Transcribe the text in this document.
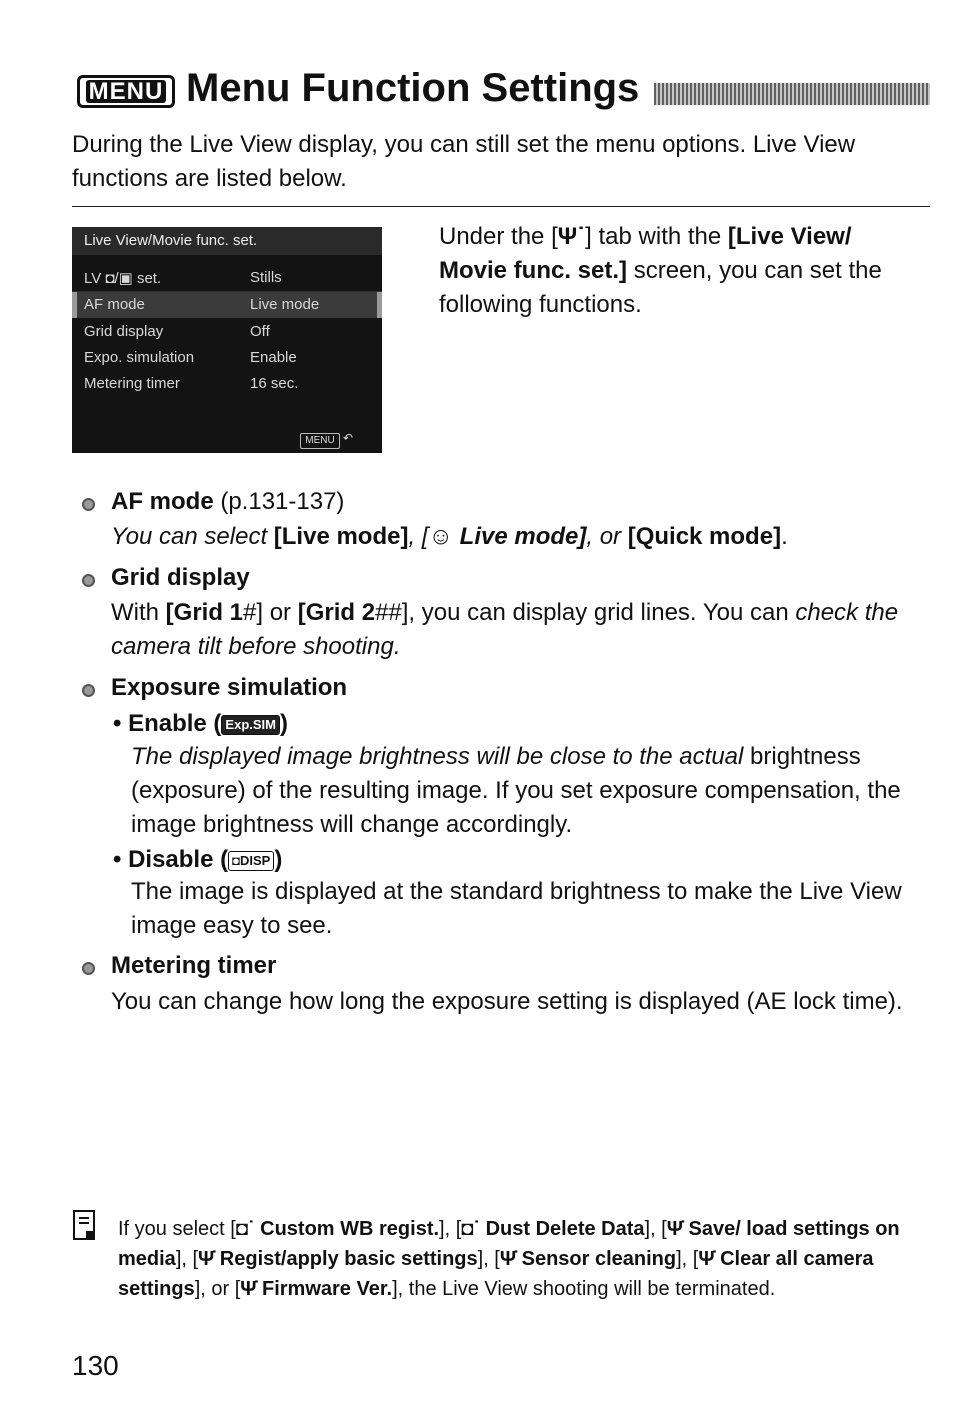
MENU Menu Function Settings
During the Live View display, you can still set the menu options. Live View functions are listed below.
Live View/Movie func. set.
LV ◘/▣ set.	Stills
AF mode	Live mode
Grid display	Off
Expo. simulation	Enable
Metering timer	16 sec.
MENU ↶
Under the [Ψ˙] tab with the [Live View/ Movie func. set.] screen, you can set the following functions.
AF mode (p.131-137)
You can select [Live mode], [☺ Live mode], or [Quick mode].
Grid display
With [Grid 1#] or [Grid 2##], you can display grid lines. You can check the camera tilt before shooting.
Exposure simulation
• Enable ( Exp.SIM )
The displayed image brightness will be close to the actual brightness (exposure) of the resulting image. If you set exposure compensation, the image brightness will change accordingly.
• Disable ( ◘DISP )
The image is displayed at the standard brightness to make the Live View image easy to see.
Metering timer
You can change how long the exposure setting is displayed (AE lock time).
If you select [◘˙ Custom WB regist.], [◘˙ Dust Delete Data], [Ψ̇ Save/ load settings on media], [Ψ̇ Regist/apply basic settings], [Ψ̇ Sensor cleaning], [Ψ̇ Clear all camera settings], or [Ψ̇ Firmware Ver.], the Live View shooting will be terminated.
130
